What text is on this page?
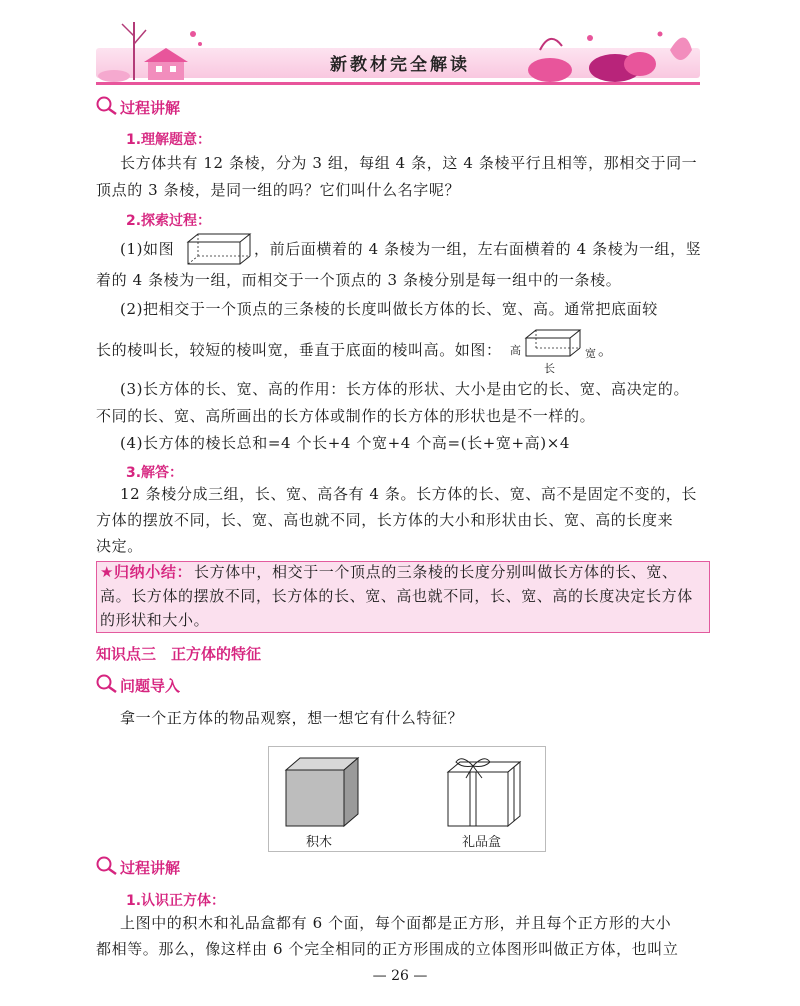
新教材完全解读
过程讲解
1.理解题意：
长方体共有 12 条棱，分为 3 组，每组 4 条，这 4 条棱平行且相等，那相交于同一
顶点的 3 条棱，是同一组的吗？它们叫什么名字呢？
2.探索过程：
(1)如图	，前后面横着的 4 条棱为一组，左右面横着的 4 条棱为一组，竖
着的 4 条棱为一组，而相交于一个顶点的 3 条棱分别是每一组中的一条棱。
(2)把相交于一个顶点的三条棱的长度叫做长方体的长、宽、高。通常把底面较
长的棱叫长，较短的棱叫宽，垂直于底面的棱叫高。如图： 高	宽
长
。
(3)长方体的长、宽、高的作用：长方体的形状、大小是由它的长、宽、高决定的。
不同的长、宽、高所画出的长方体或制作的长方体的形状也是不一样的。
(4)长方体的棱长总和=4 个长+4 个宽+4 个高=(长+宽+高)×4
3.解答：
12 条棱分成三组，长、宽、高各有 4 条。长方体的长、宽、高不是固定不变的，长
方体的摆放不同，长、宽、高也就不同，长方体的大小和形状由长、宽、高的长度来
决定。
★归纳小结： 长方体中，相交于一个顶点的三条棱的长度分别叫做长方体的长、宽、
高。长方体的摆放不同，长方体的长、宽、高也就不同，长、宽、高的长度决定长方体
的形状和大小。
知识点三　正方体的特征
问题导入
拿一个正方体的物品观察，想一想它有什么特征？
积木	礼品盒
过程讲解
1.认识正方体：
上图中的积木和礼品盒都有 6 个面，每个面都是正方形，并且每个正方形的大小
都相等。那么，像这样由 6 个完全相同的正方形围成的立体图形叫做正方体，也叫立
— 26 —
